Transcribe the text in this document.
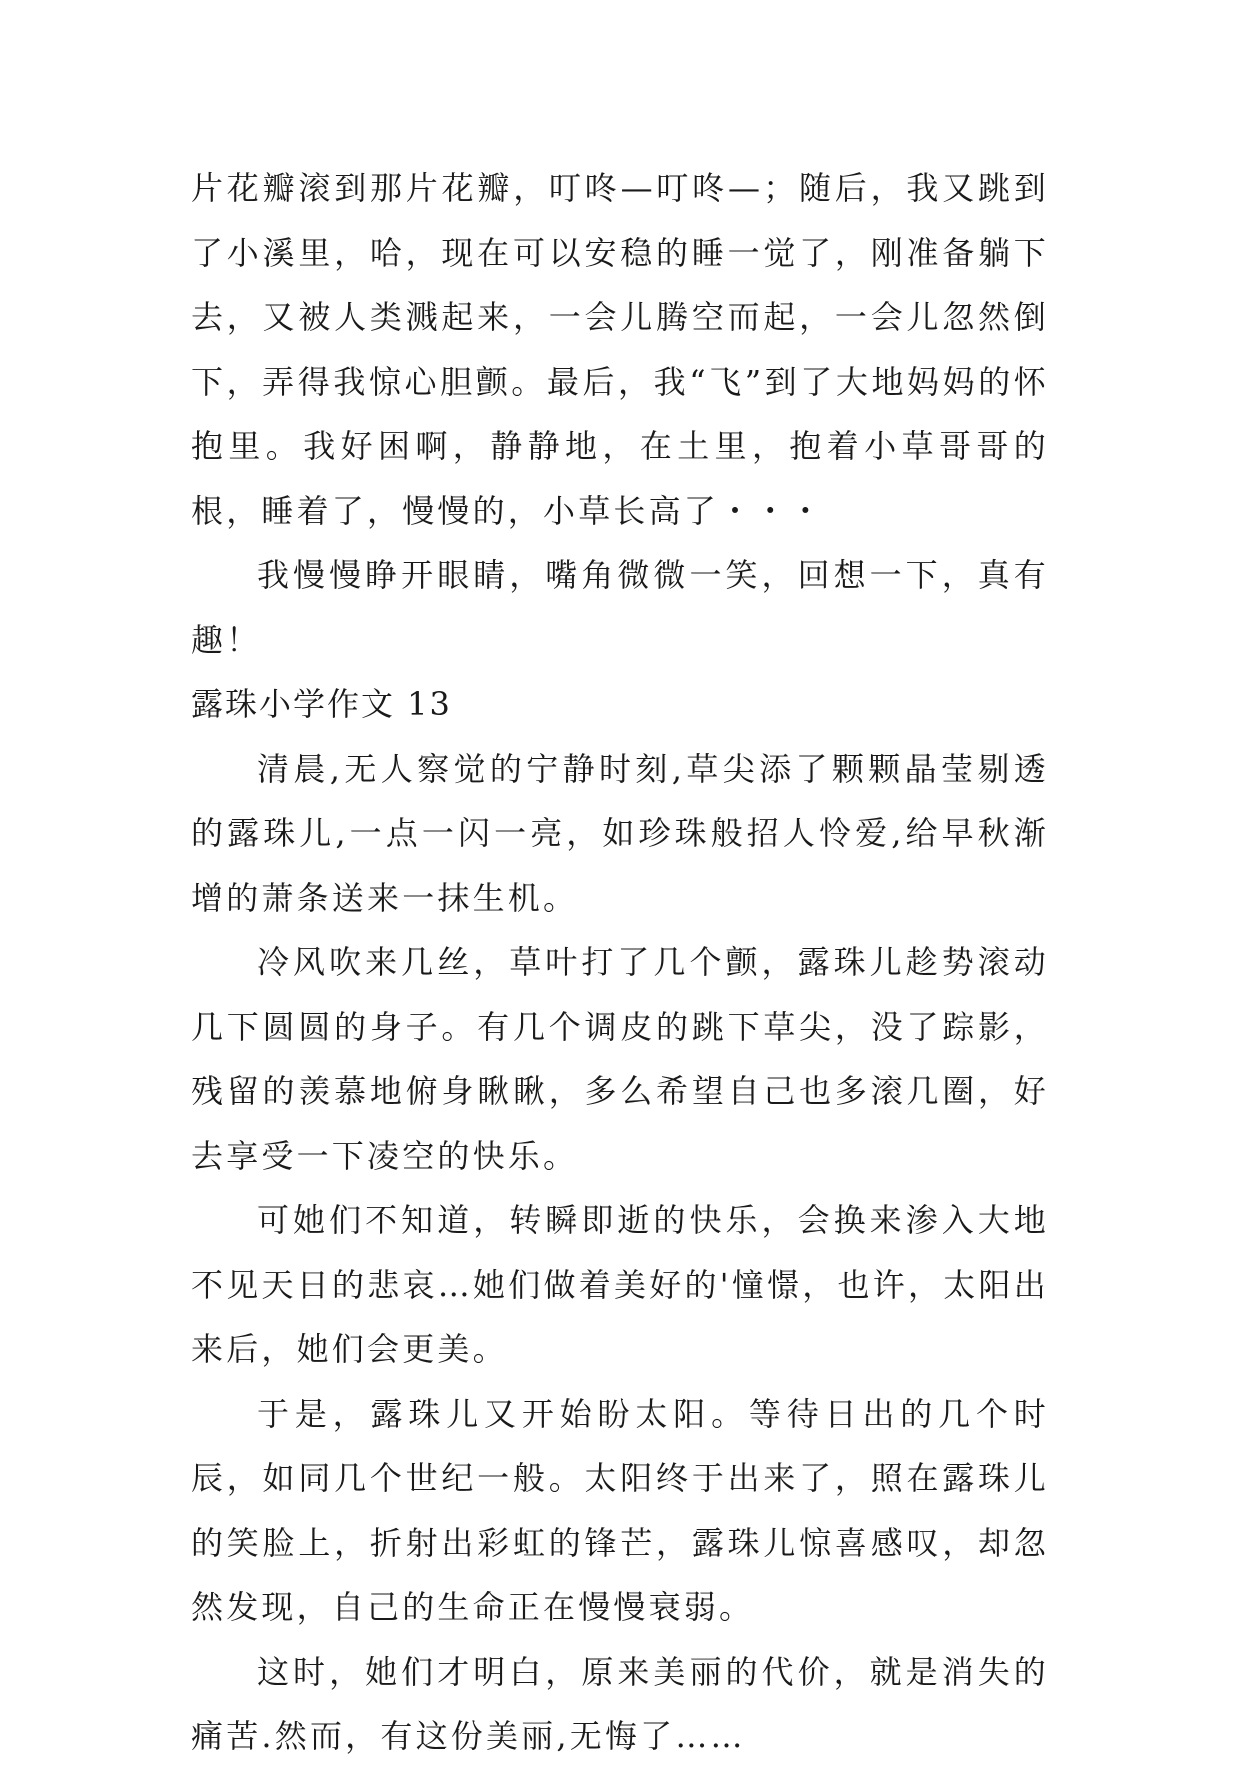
片花瓣滚到那片花瓣，叮咚—叮咚—；随后，我又跳到了小溪里，哈，现在可以安稳的睡一觉了，刚准备躺下去，又被人类溅起来，一会儿腾空而起，一会儿忽然倒下，弄得我惊心胆颤。最后，我“飞”到了大地妈妈的怀抱里。我好困啊，静静地，在土里，抱着小草哥哥的根，睡着了，慢慢的，小草长高了・・・

我慢慢睁开眼睛，嘴角微微一笑，回想一下，真有趣！

露珠小学作文 13

清晨,无人察觉的宁静时刻,草尖添了颗颗晶莹剔透的露珠儿,一点一闪一亮，如珍珠般招人怜爱,给早秋渐增的萧条送来一抹生机。

冷风吹来几丝，草叶打了几个颤，露珠儿趁势滚动几下圆圆的身子。有几个调皮的跳下草尖，没了踪影，残留的羡慕地俯身瞅瞅，多么希望自己也多滚几圈，好去享受一下凌空的快乐。

可她们不知道，转瞬即逝的快乐，会换来渗入大地不见天日的悲哀…她们做着美好的'憧憬，也许，太阳出来后，她们会更美。

于是，露珠儿又开始盼太阳。等待日出的几个时辰，如同几个世纪一般。太阳终于出来了，照在露珠儿的笑脸上，折射出彩虹的锋芒，露珠儿惊喜感叹，却忽然发现，自己的生命正在慢慢衰弱。

这时，她们才明白，原来美丽的代价，就是消失的痛苦.然而，有这份美丽,无悔了……
